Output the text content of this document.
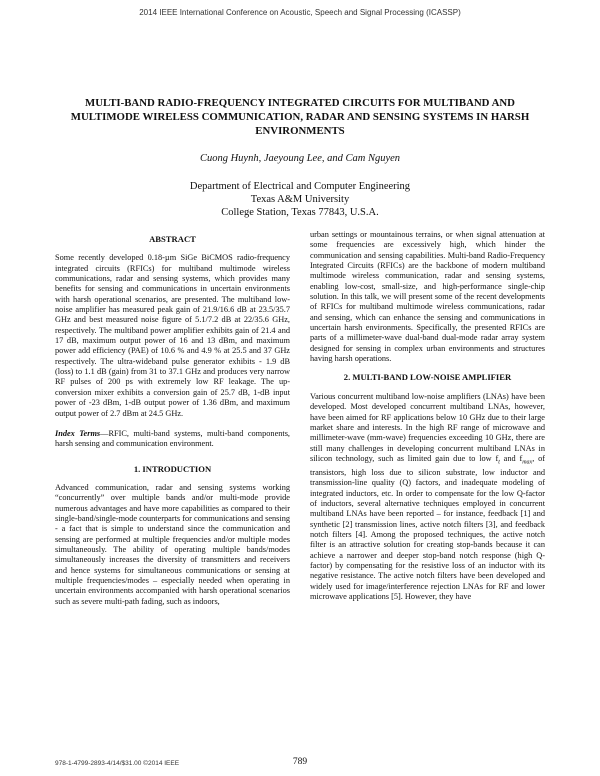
2014 IEEE International Conference on Acoustic, Speech and Signal Processing (ICASSP)
MULTI-BAND RADIO-FREQUENCY INTEGRATED CIRCUITS FOR MULTIBAND AND MULTIMODE WIRELESS COMMUNICATION, RADAR AND SENSING SYSTEMS IN HARSH ENVIRONMENTS
Cuong Huynh, Jaeyoung Lee, and Cam Nguyen
Department of Electrical and Computer Engineering
Texas A&M University
College Station, Texas 77843, U.S.A.
ABSTRACT

Some recently developed 0.18-µm SiGe BiCMOS radio-frequency integrated circuits (RFICs) for multiband multimode wireless communications, radar and sensing systems, which provides many benefits for sensing and communications in uncertain environments with harsh operational scenarios, are presented. The multiband low-noise amplifier has measured peak gain of 21.9/16.6 dB at 23.5/35.7 GHz and best measured noise figure of 5.1/7.2 dB at 22/35.6 GHz, respectively. The multiband power amplifier exhibits gain of 21.4 and 17 dB, maximum output power of 16 and 13 dBm, and maximum power add efficiency (PAE) of 10.6 % and 4.9 % at 25.5 and 37 GHz respectively. The ultra-wideband pulse generator exhibits - 1.9 dB (loss) to 1.1 dB (gain) from 31 to 37.1 GHz and produces very narrow RF pulses of 200 ps with extremely low RF leakage. The up-conversion mixer exhibits a conversion gain of 25.7 dB, 1-dB input power of -23 dBm, 1-dB output power of 1.36 dBm, and maximum output power of 2.7 dBm at 24.5 GHz.

Index Terms—RFIC, multi-band systems, multi-band components, harsh sensing and communication environment.

1. INTRODUCTION

Advanced communication, radar and sensing systems working “concurrently” over multiple bands and/or multi-mode provide numerous advantages and have more capabilities as compared to their single-band/single-mode counterparts for communications and sensing - a fact that is simple to understand since the communication and sensing are performed at multiple frequencies and/or multiple modes simultaneously. The ability of operating multiple bands/modes simultaneously increases the diversity of transmitters and receivers and hence systems for simultaneous communications or sensing at multiple frequencies/modes – especially needed when operating in uncertain environments accompanied with harsh operational scenarios such as severe multi-path fading, such as indoors,

urban settings or mountainous terrains, or when signal attenuation at some frequencies are excessively high, which hinder the communication and sensing capabilities. Multi-band Radio-Frequency Integrated Circuits (RFICs) are the backbone of modern multiband multimode wireless communication, radar and sensing systems, enabling low-cost, small-size, and high-performance single-chip solution. In this talk, we will present some of the recent developments of RFICs for multiband multimode wireless communications, radar and sensing, which can enhance the sensing and communications in uncertain harsh environments. Specifically, the presented RFICs are parts of a millimeter-wave dual-band dual-mode radar array system designed for sensing in complex urban environments and structures having harsh operations.

2. MULTI-BAND LOW-NOISE AMPLIFIER

Various concurrent multiband low-noise amplifiers (LNAs) have been developed. Most developed concurrent multiband LNAs, however, have been aimed for RF applications below 10 GHz due to their large market share and interests. In the high RF range of microwave and millimeter-wave (mm-wave) frequencies exceeding 10 GHz, there are still many challenges in developing concurrent multiband LNAs in silicon technology, such as limited gain due to low $f_t$ and $f_{max}$, of transistors, high loss due to silicon substrate, low inductor and transmission-line quality (Q) factors, and inadequate modeling of integrated inductors, etc. In order to compensate for the low Q-factor of inductors, several alternative techniques employed in concurrent multiband LNAs have been reported – for instance, feedback [1] and synthetic [2] transmission lines, active notch filters [3], and feedback notch filters [4]. Among the proposed techniques, the active notch filter is an attractive solution for creating stop-bands because it can achieve a narrower and deeper stop-band notch response (high Q-factor) by compensating for the resistive loss of an inductor with its negative resistance. The active notch filters have been developed and widely used for image/interference rejection LNAs for RF and lower microwave applications [5]. However, they have

978-1-4799-2893-4/14/$31.00 ©2014 IEEE	789
